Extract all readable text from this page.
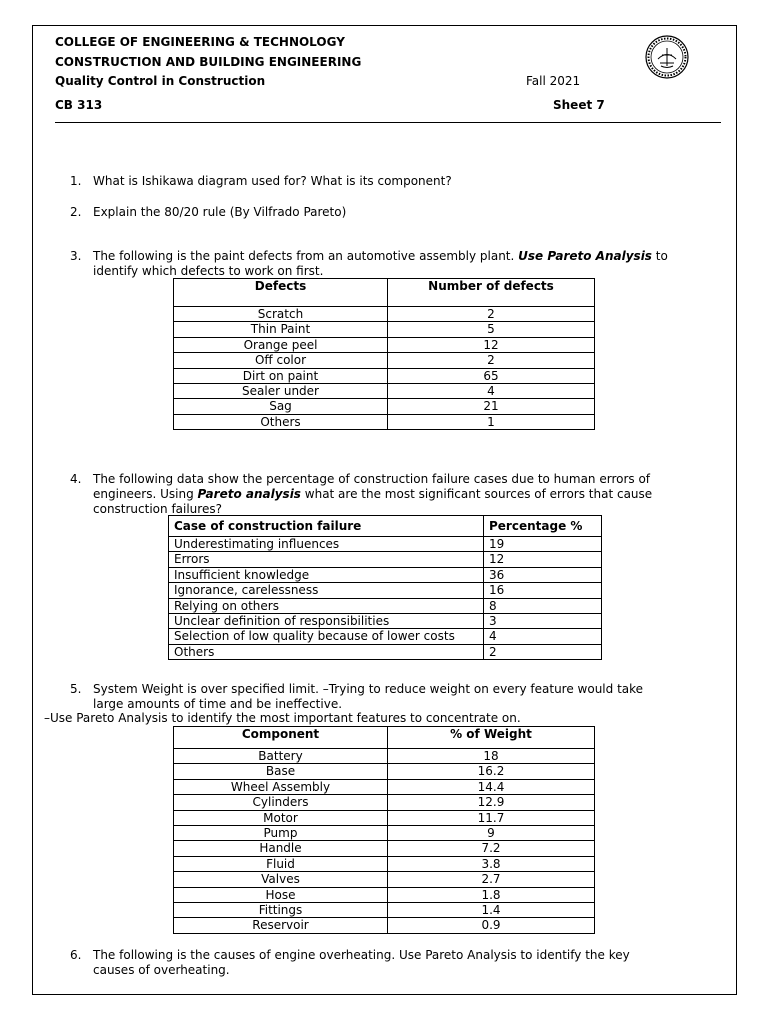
COLLEGE OF ENGINEERING & TECHNOLOGY
CONSTRUCTION AND BUILDING ENGINEERING
Quality Control in Construction	Fall 2021
CB 313	Sheet 7
1. What is Ishikawa diagram used for? What is its component?
2. Explain the 80/20 rule (By Vilfrado Pareto)
3. The following is the paint defects from an automotive assembly plant. Use Pareto Analysis to
identify which defects to work on first.
Defects	Number of defects
Scratch	2
Thin Paint	5
Orange peel	12
Off color	2
Dirt on paint	65
Sealer under	4
Sag	21
Others	1
4. The following data show the percentage of construction failure cases due to human errors of
engineers. Using Pareto analysis what are the most significant sources of errors that cause
construction failures?
Case of construction failure	Percentage %
Underestimating influences	19
Errors	12
Insufficient knowledge	36
Ignorance, carelessness	16
Relying on others	8
Unclear definition of responsibilities	3
Selection of low quality because of lower costs	4
Others	2
5. System Weight is over specified limit. –Trying to reduce weight on every feature would take
large amounts of time and be ineffective.
–Use Pareto Analysis to identify the most important features to concentrate on.
Component	% of Weight
Battery	18
Base	16.2
Wheel Assembly	14.4
Cylinders	12.9
Motor	11.7
Pump	9
Handle	7.2
Fluid	3.8
Valves	2.7
Hose	1.8
Fittings	1.4
Reservoir	0.9
6. The following is the causes of engine overheating. Use Pareto Analysis to identify the key
causes of overheating.
